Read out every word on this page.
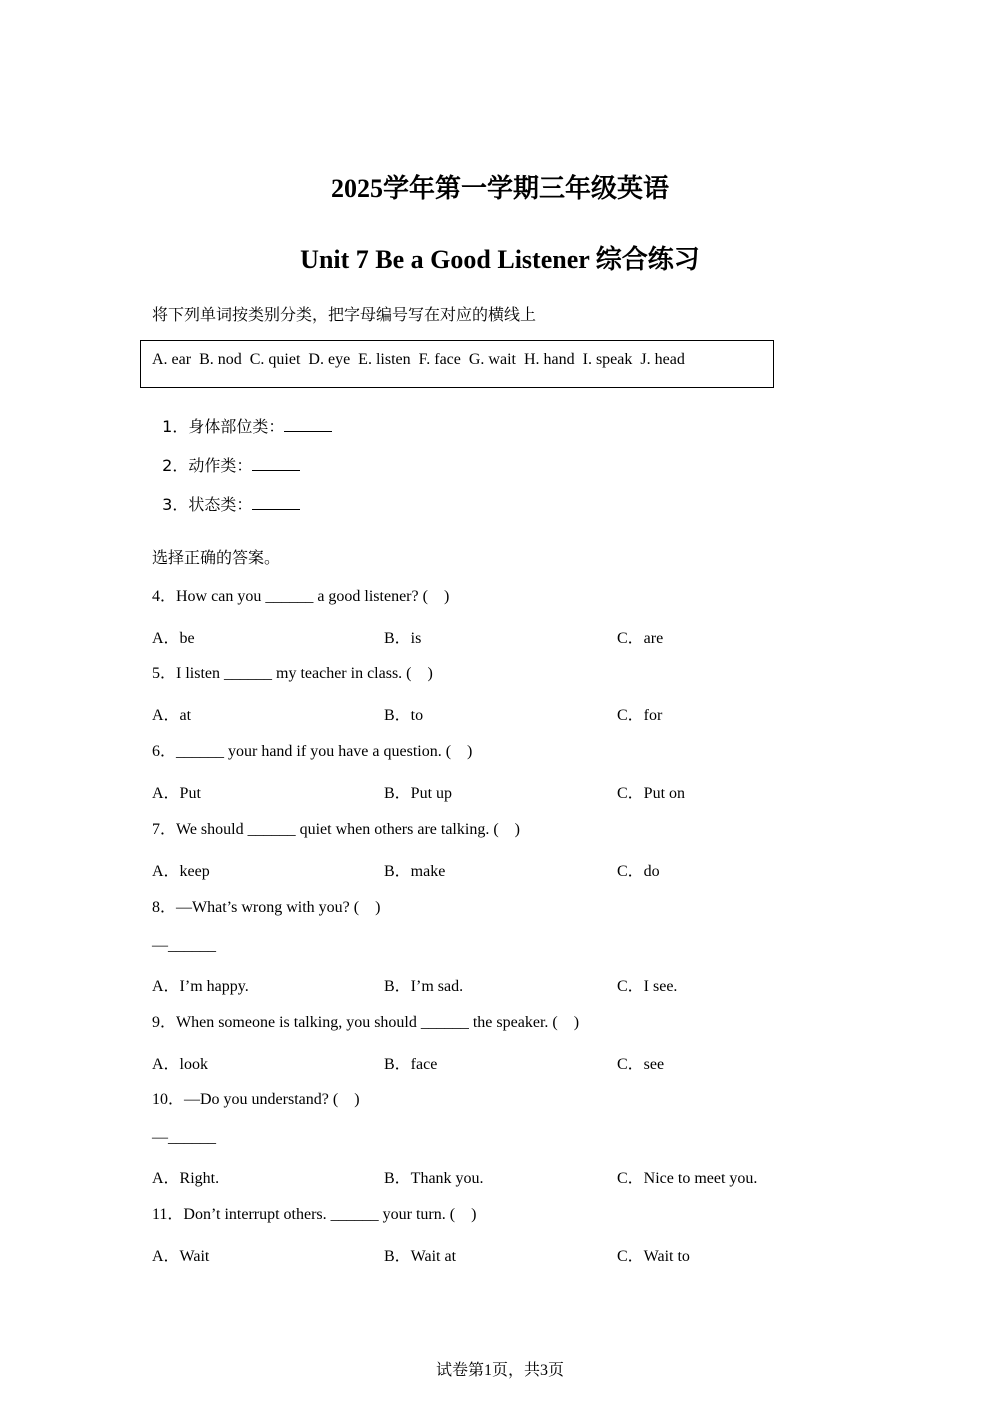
2025学年第一学期三年级英语
Unit 7 Be a Good Listener 综合练习
将下列单词按类别分类，把字母编号写在对应的横线上
A. ear  B. nod  C. quiet  D. eye  E. listen  F. face  G. wait  H. hand  I. speak  J. head

1．身体部位类：

2．动作类：

3．状态类：

选择正确的答案。
4．How can you ______ a good listener? (    )
A．be	B．is	C．are
5．I listen ______ my teacher in class. (    )
A．at	B．to	C．for
6．______ your hand if you have a question. (    )
A．Put	B．Put up	C．Put on
7．We should ______ quiet when others are talking. (    )
A．keep	B．make	C．do
8．—What’s wrong with you? (    )
—______
A．I’m happy.	B．I’m sad.	C．I see.
9．When someone is talking, you should ______ the speaker. (    )
A．look	B．face	C．see
10．—Do you understand? (    )
—______
A．Right.	B．Thank you.	C．Nice to meet you.
11．Don’t interrupt others. ______ your turn. (    )
A．Wait	B．Wait at	C．Wait to
试卷第1页，共3页
